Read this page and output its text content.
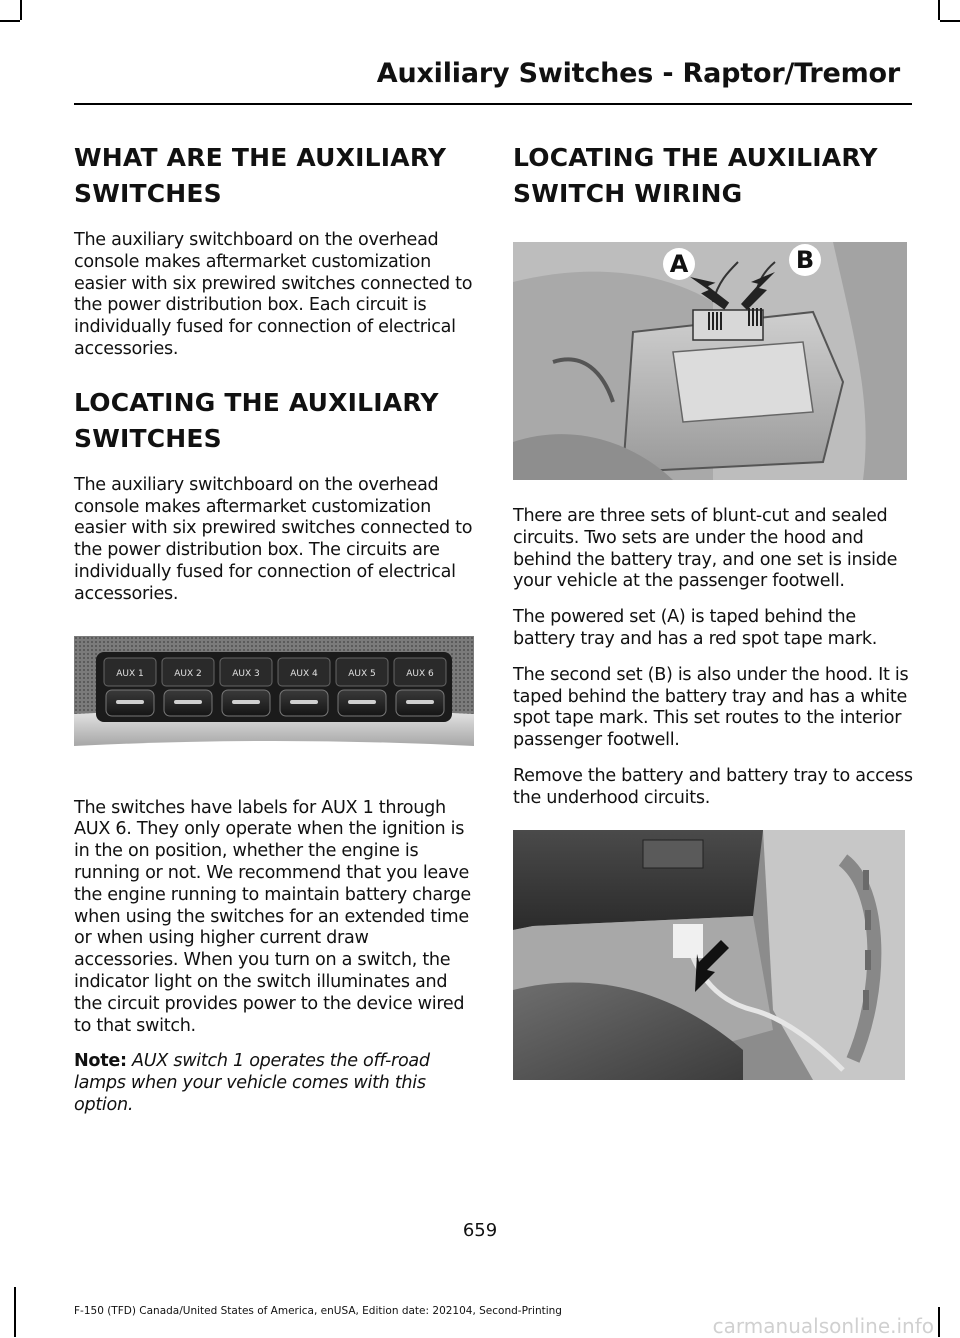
Auxiliary Switches - Raptor/Tremor
WHAT ARE THE AUXILIARY SWITCHES

The auxiliary switchboard on the overhead console makes aftermarket customization easier with six prewired switches connected to the power distribution box. Each circuit is individually fused for connection of electrical accessories.

LOCATING THE AUXILIARY SWITCHES

The auxiliary switchboard on the overhead console makes aftermarket customization easier with six prewired switches connected to the power distribution box. The circuits are individually fused for connection of electrical accessories.

AUX 1	AUX 2	AUX 3	AUX 4	AUX 5	AUX 6

The switches have labels for AUX 1 through AUX 6. They only operate when the ignition is in the on position, whether the engine is running or not. We recommend that you leave the engine running to maintain battery charge when using the switches for an extended time or when using higher current draw accessories. When you turn on a switch, the indicator light on the switch illuminates and the circuit provides power to the device wired to that switch.

Note: AUX switch 1 operates the off-road lamps when your vehicle comes with this option.

LOCATING THE AUXILIARY SWITCH WIRING
A	B

There are three sets of blunt-cut and sealed circuits. Two sets are under the hood and behind the battery tray, and one set is inside your vehicle at the passenger footwell.

The powered set (A) is taped behind the battery tray and has a red spot tape mark.

The second set (B) is also under the hood. It is taped behind the battery tray and has a white spot tape mark. This set routes to the interior passenger footwell.

Remove the battery and battery tray to access the underhood circuits.

659
F-150 (TFD) Canada/United States of America, enUSA, Edition date: 202104, Second-Printing
carmanualsonline.info
